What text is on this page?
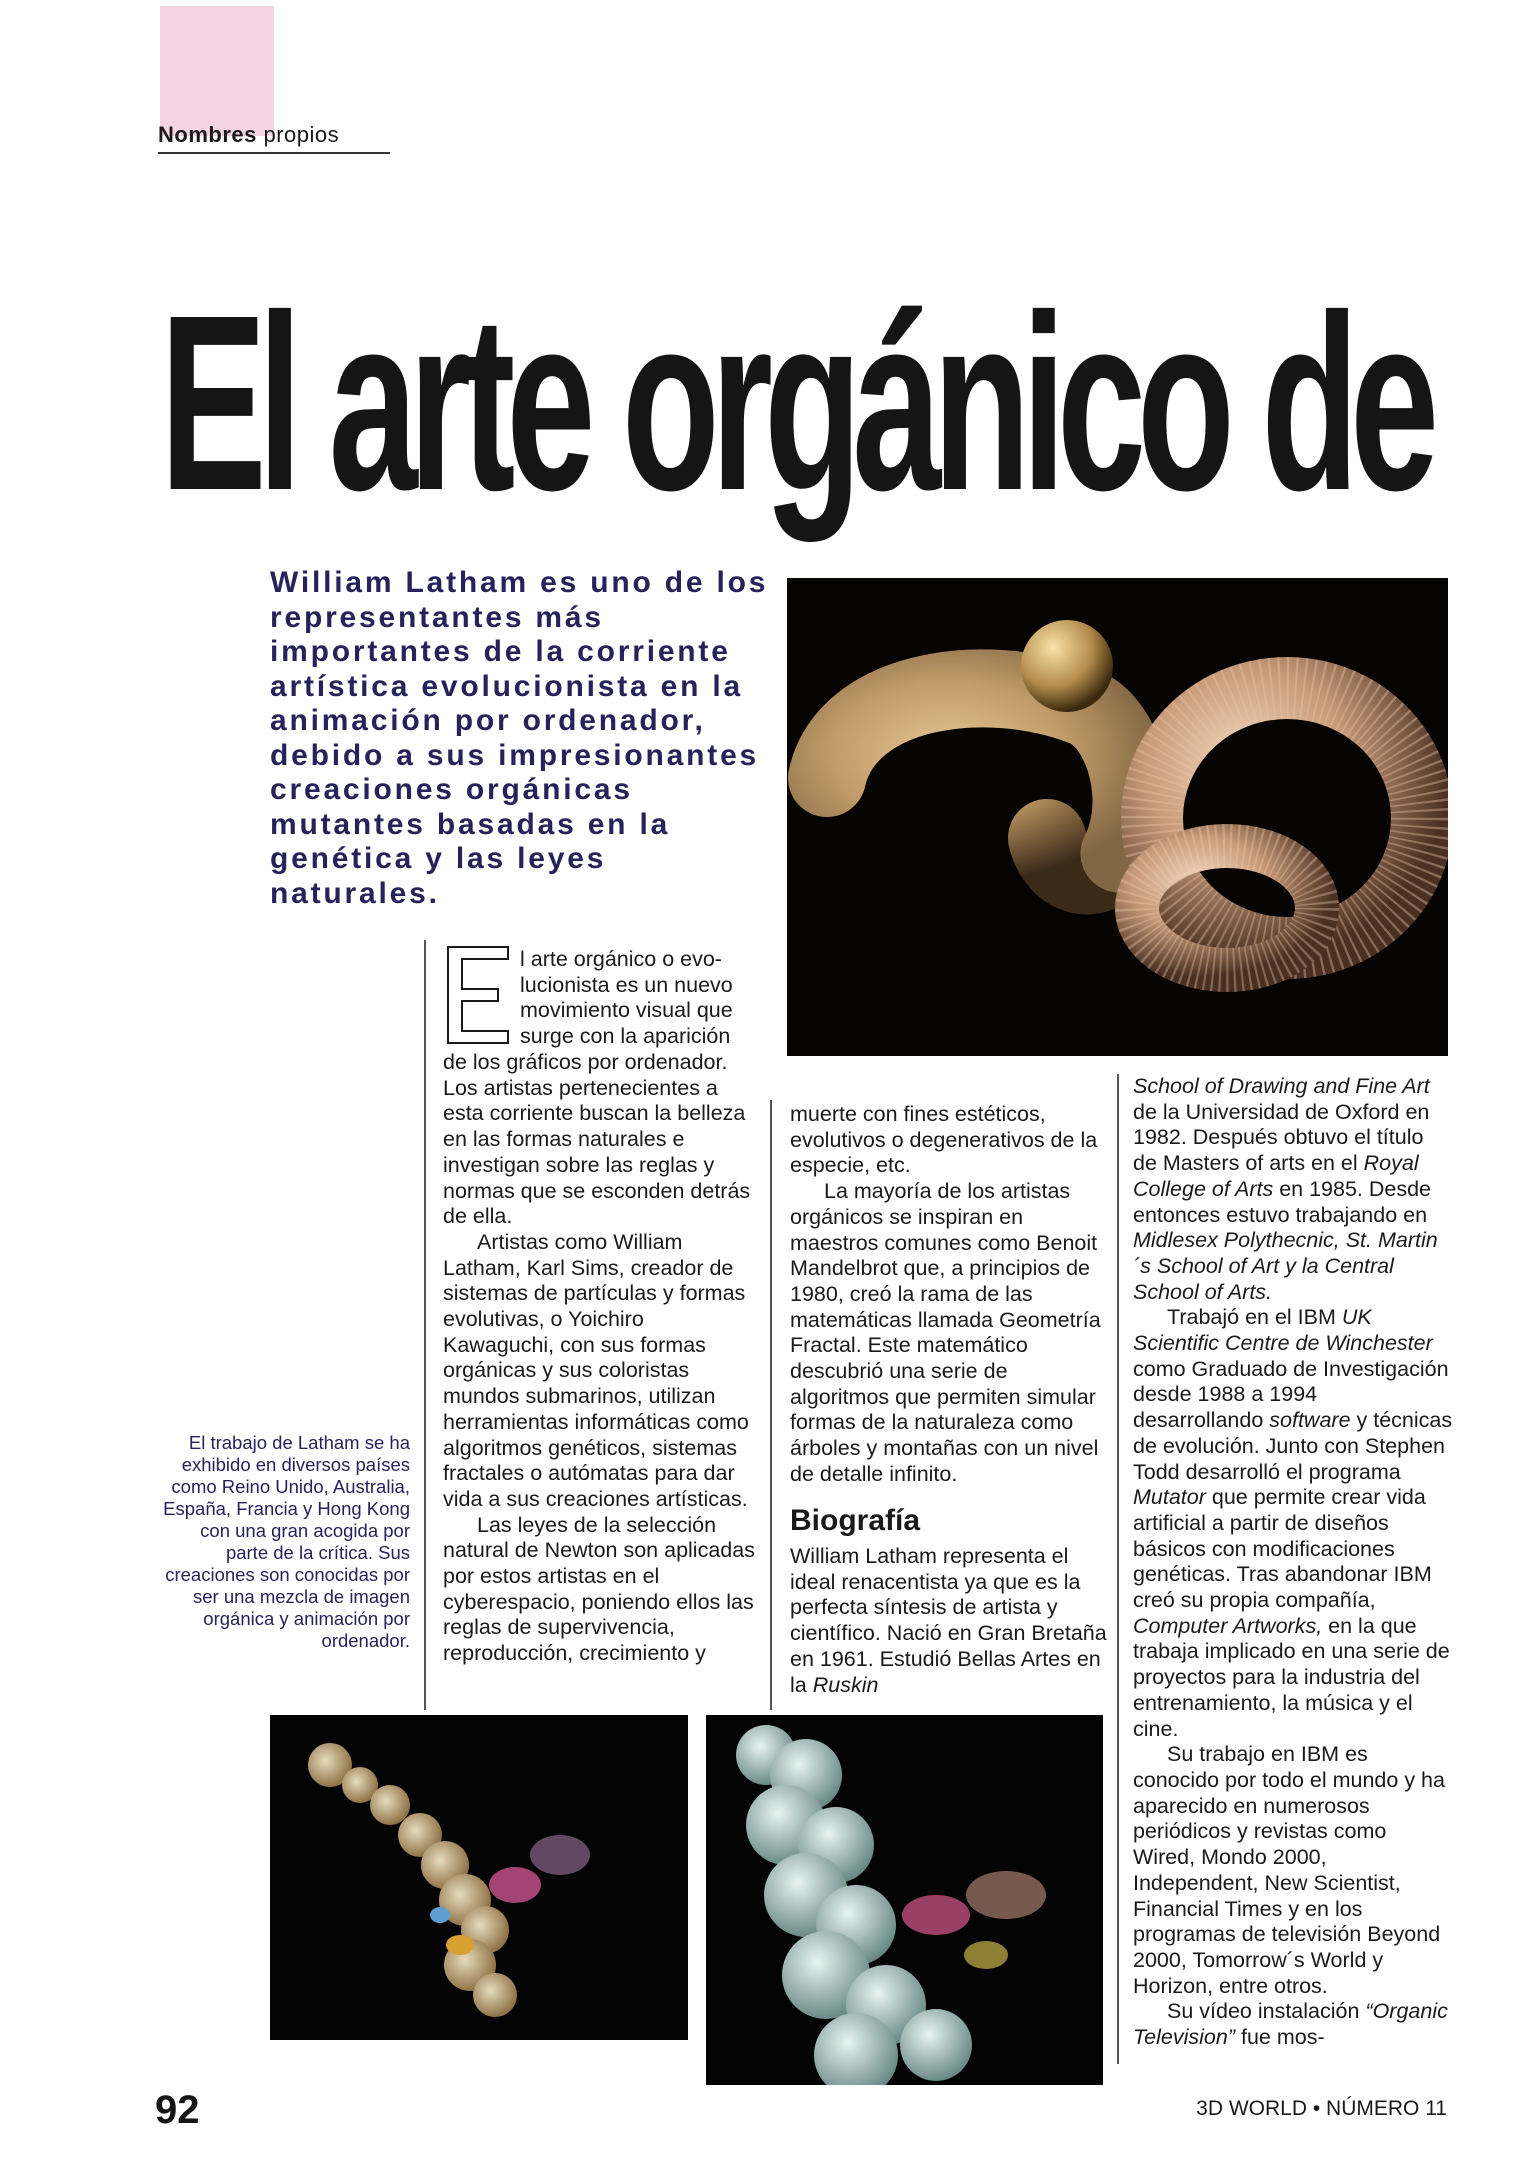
Nombres propios
El arte orgánico de
William Latham es uno de los representantes más importantes de la corriente artística evolucionista en la animación por ordenador, debido a sus impresionantes creaciones orgánicas mutantes basadas en la genética y las leyes naturales.
El trabajo de Latham se ha exhibido en diversos países como Reino Unido, Australia, España, Francia y Hong Kong con una gran acogida por parte de la crítica. Sus creaciones son conocidas por ser una mezcla de imagen orgánica y animación por ordenador.

l arte orgánico o evo-

lucionista es un nuevo

movimiento visual que

surge con la aparición

de los gráficos por ordenador. Los artistas pertenecientes a esta corriente buscan la belleza en las formas naturales e investigan sobre las reglas y normas que se esconden detrás de ella.

Artistas como William Latham, Karl Sims, creador de sistemas de partículas y formas evolutivas, o Yoichiro Kawaguchi, con sus formas orgánicas y sus coloristas mundos submarinos, utilizan herramientas informáticas como algoritmos genéticos, sistemas fractales o autómatas para dar vida a sus creaciones artísticas.

Las leyes de la selección natural de Newton son aplicadas por estos artistas en el cyberespacio, poniendo ellos las reglas de supervivencia, reproducción, crecimiento y

muerte con fines estéticos, evolutivos o degenerativos de la especie, etc.

La mayoría de los artistas orgánicos se inspiran en maestros comunes como Benoit Mandelbrot que, a principios de 1980, creó la rama de las matemáticas llamada Geometría Fractal. Este matemático descubrió una serie de algoritmos que permiten simular formas de la naturaleza como árboles y montañas con un nivel de detalle infinito.

Biografía

William Latham representa el ideal renacentista ya que es la perfecta síntesis de artista y científico. Nació en Gran Bretaña en 1961. Estudió Bellas Artes en la Ruskin

School of Drawing and Fine Art de la Universidad de Oxford en 1982. Después obtuvo el título de Masters of arts en el Royal College of Arts en 1985. Desde entonces estuvo trabajando en Midlesex Polythecnic, St. Martin´s School of Art y la Central School of Arts.

Trabajó en el IBM UK Scientific Centre de Winchester como Graduado de Investigación desde 1988 a 1994 desarrollando software y técnicas de evolución. Junto con Stephen Todd desarrolló el programa Mutator que permite crear vida artificial a partir de diseños básicos con modificaciones genéticas. Tras abandonar IBM creó su propia compañía, Computer Artworks, en la que trabaja implicado en una serie de proyectos para la industria del entrenamiento, la música y el cine.

Su trabajo en IBM es conocido por todo el mundo y ha aparecido en numerosos periódicos y revistas como Wired, Mondo 2000, Independent, New Scientist, Financial Times y en los programas de televisión Beyond 2000, Tomorrow´s World y Horizon, entre otros.

Su vídeo instalación “Organic Television” fue mos-

92	3D WORLD • NÚMERO 11
